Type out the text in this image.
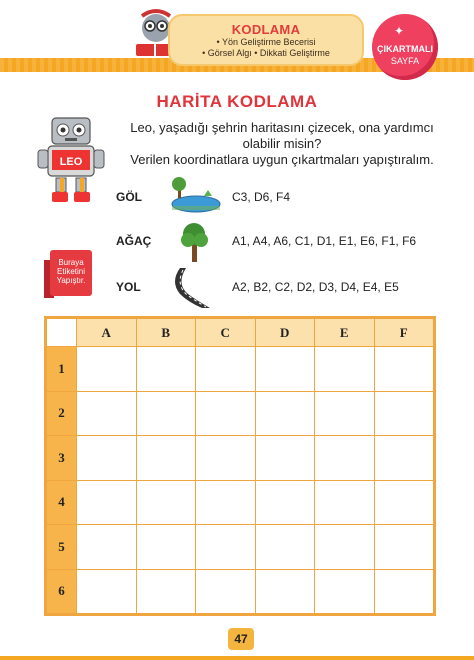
KODLAMA
• Yön Geliştirme Becerisi
• Görsel Algı • Dikkati Geliştirme
✦
ÇIKARTMALI
SAYFA
HARİTA KODLAMA
LEO
Leo, yaşadığı şehrin haritasını çizecek, ona yardımcı
olabilir misin?
Verilen koordinatlara uygun çıkartmaları yapıştıralım.
GÖL	C3, D6, F4
AĞAÇ	A1, A4, A6, C1, D1, E1, E6, F1, F6
YOL	A2, B2, C2, D2, D3, D4, E4, E5
Buraya
Etiketini
Yapıştır.
	A	B	C	D	E	F
1						
2						
3						
4						
5						
6						
47
